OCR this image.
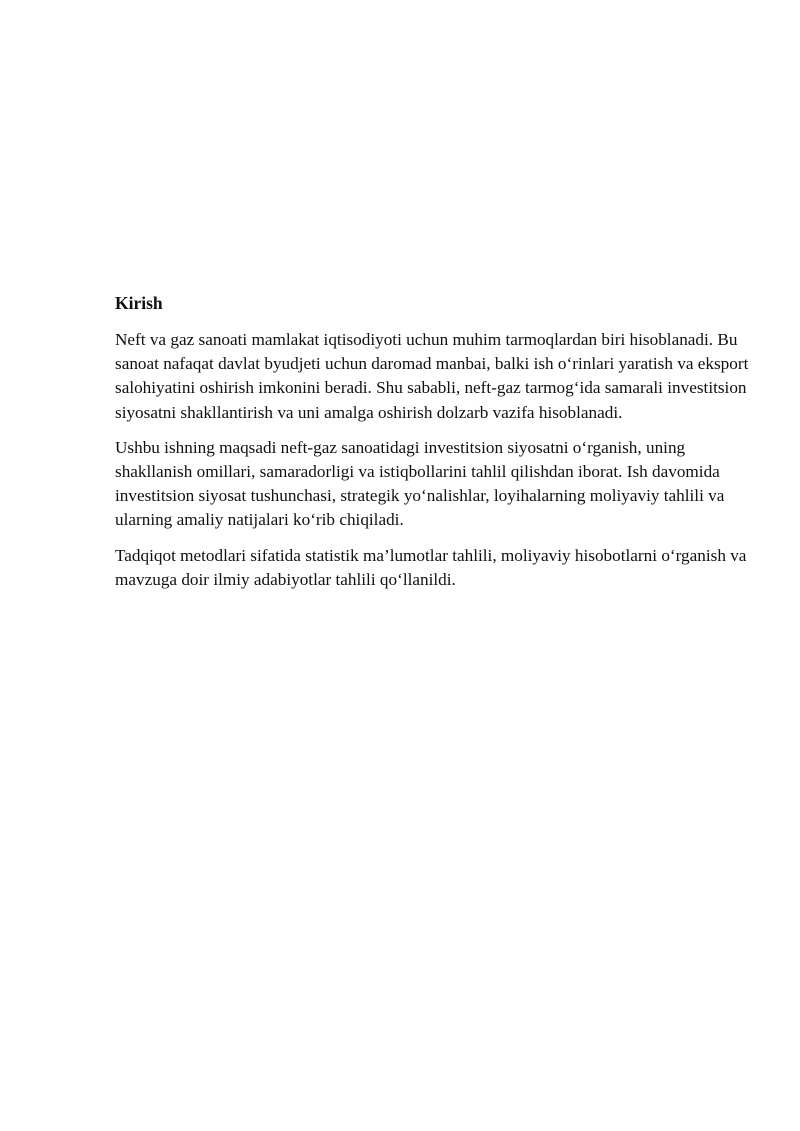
Kirish

Neft va gaz sanoati mamlakat iqtisodiyoti uchun muhim tarmoqlardan biri hisoblanadi. Bu sanoat nafaqat davlat byudjeti uchun daromad manbai, balki ish o‘rinlari yaratish va eksport salohiyatini oshirish imkonini beradi. Shu sababli, neft-gaz tarmog‘ida samarali investitsion siyosatni shakllantirish va uni amalga oshirish dolzarb vazifa hisoblanadi.

Ushbu ishning maqsadi neft-gaz sanoatidagi investitsion siyosatni o‘rganish, uning shakllanish omillari, samaradorligi va istiqbollarini tahlil qilishdan iborat. Ish davomida investitsion siyosat tushunchasi, strategik yo‘nalishlar, loyihalarning moliyaviy tahlili va ularning amaliy natijalari ko‘rib chiqiladi.

Tadqiqot metodlari sifatida statistik ma’lumotlar tahlili, moliyaviy hisobotlarni o‘rganish va mavzuga doir ilmiy adabiyotlar tahlili qo‘llanildi.
